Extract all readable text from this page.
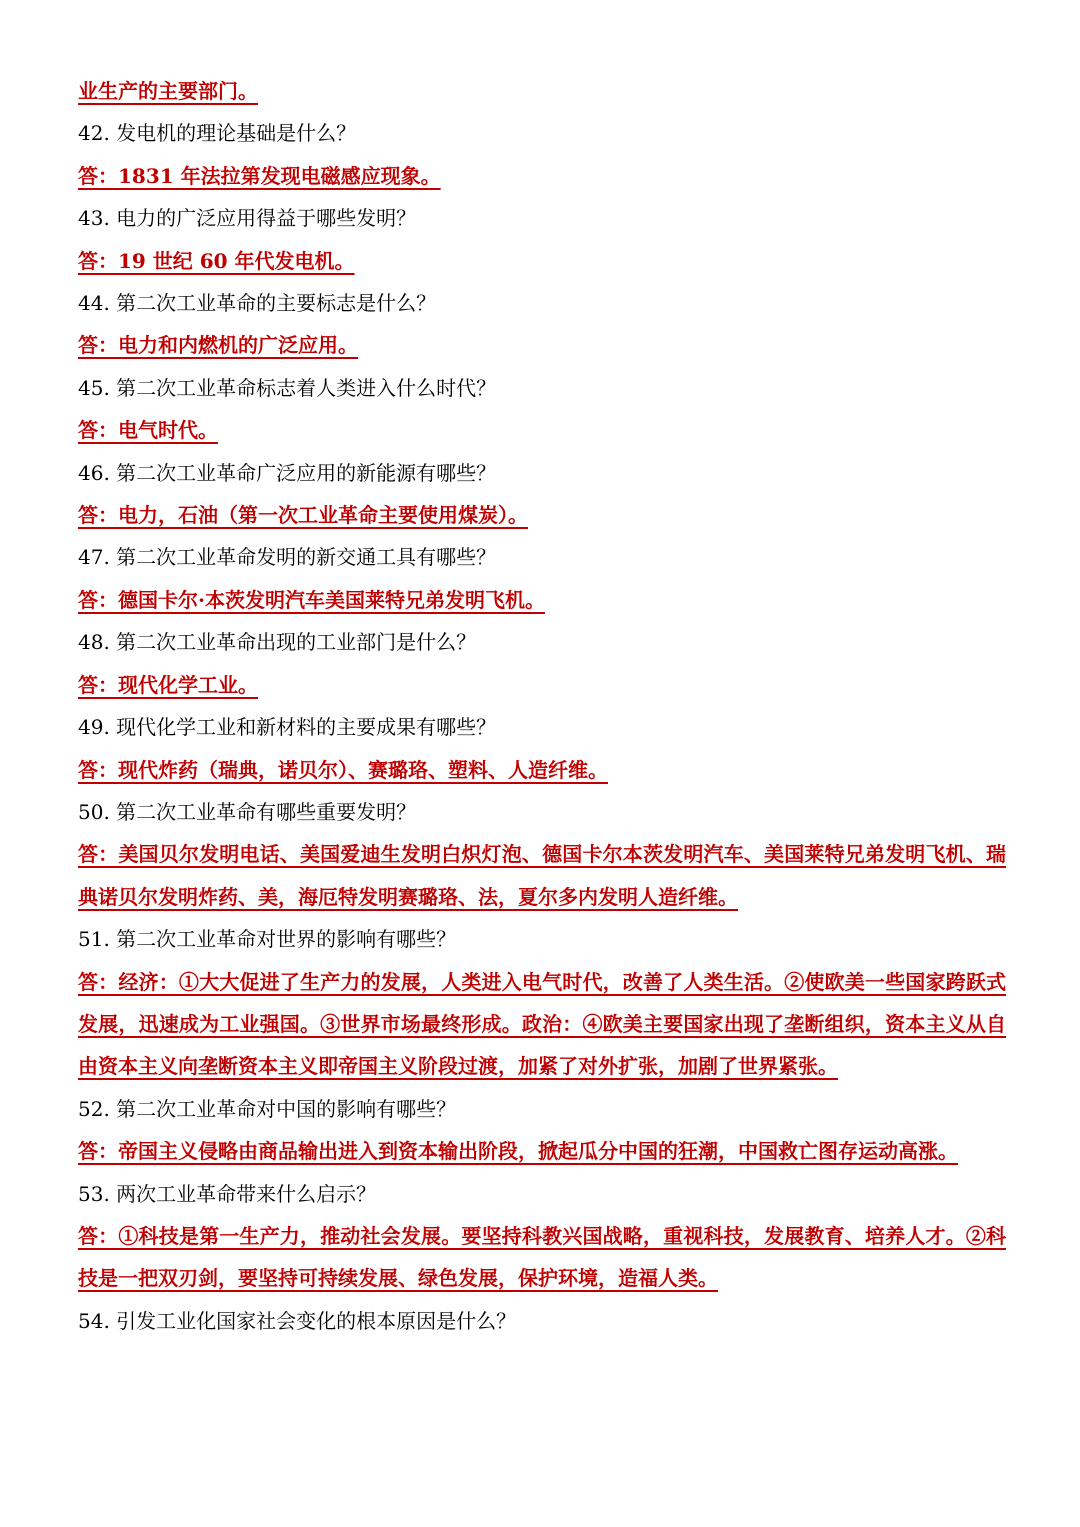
业生产的主要部门。

42. 发电机的理论基础是什么？

答：1831 年法拉第发现电磁感应现象。

43. 电力的广泛应用得益于哪些发明？

答：19 世纪 60 年代发电机。

44. 第二次工业革命的主要标志是什么？

答：电力和内燃机的广泛应用。

45. 第二次工业革命标志着人类进入什么时代？

答：电气时代。

46. 第二次工业革命广泛应用的新能源有哪些？

答：电力，石油（第一次工业革命主要使用煤炭）。

47. 第二次工业革命发明的新交通工具有哪些？

答：德国卡尔·本茨发明汽车美国莱特兄弟发明飞机。

48. 第二次工业革命出现的工业部门是什么？

答：现代化学工业。

49. 现代化学工业和新材料的主要成果有哪些？

答：现代炸药（瑞典，诺贝尔）、赛璐珞、塑料、人造纤维。

50. 第二次工业革命有哪些重要发明？

答：美国贝尔发明电话、美国爱迪生发明白炽灯泡、德国卡尔本茨发明汽车、美国莱特兄弟发明飞机、瑞典诺贝尔发明炸药、美，海厄特发明赛璐珞、法，夏尔多内发明人造纤维。

51. 第二次工业革命对世界的影响有哪些？

答：经济：①大大促进了生产力的发展，人类进入电气时代，改善了人类生活。②使欧美一些国家跨跃式发展，迅速成为工业强国。③世界市场最终形成。政治：④欧美主要国家出现了垄断组织，资本主义从自由资本主义向垄断资本主义即帝国主义阶段过渡，加紧了对外扩张，加剧了世界紧张。

52. 第二次工业革命对中国的影响有哪些？

答：帝国主义侵略由商品输出进入到资本输出阶段，掀起瓜分中国的狂潮，中国救亡图存运动高涨。

53. 两次工业革命带来什么启示？

答：①科技是第一生产力，推动社会发展。要坚持科教兴国战略，重视科技，发展教育、培养人才。②科技是一把双刃剑，要坚持可持续发展、绿色发展，保护环境，造福人类。

54. 引发工业化国家社会变化的根本原因是什么？
